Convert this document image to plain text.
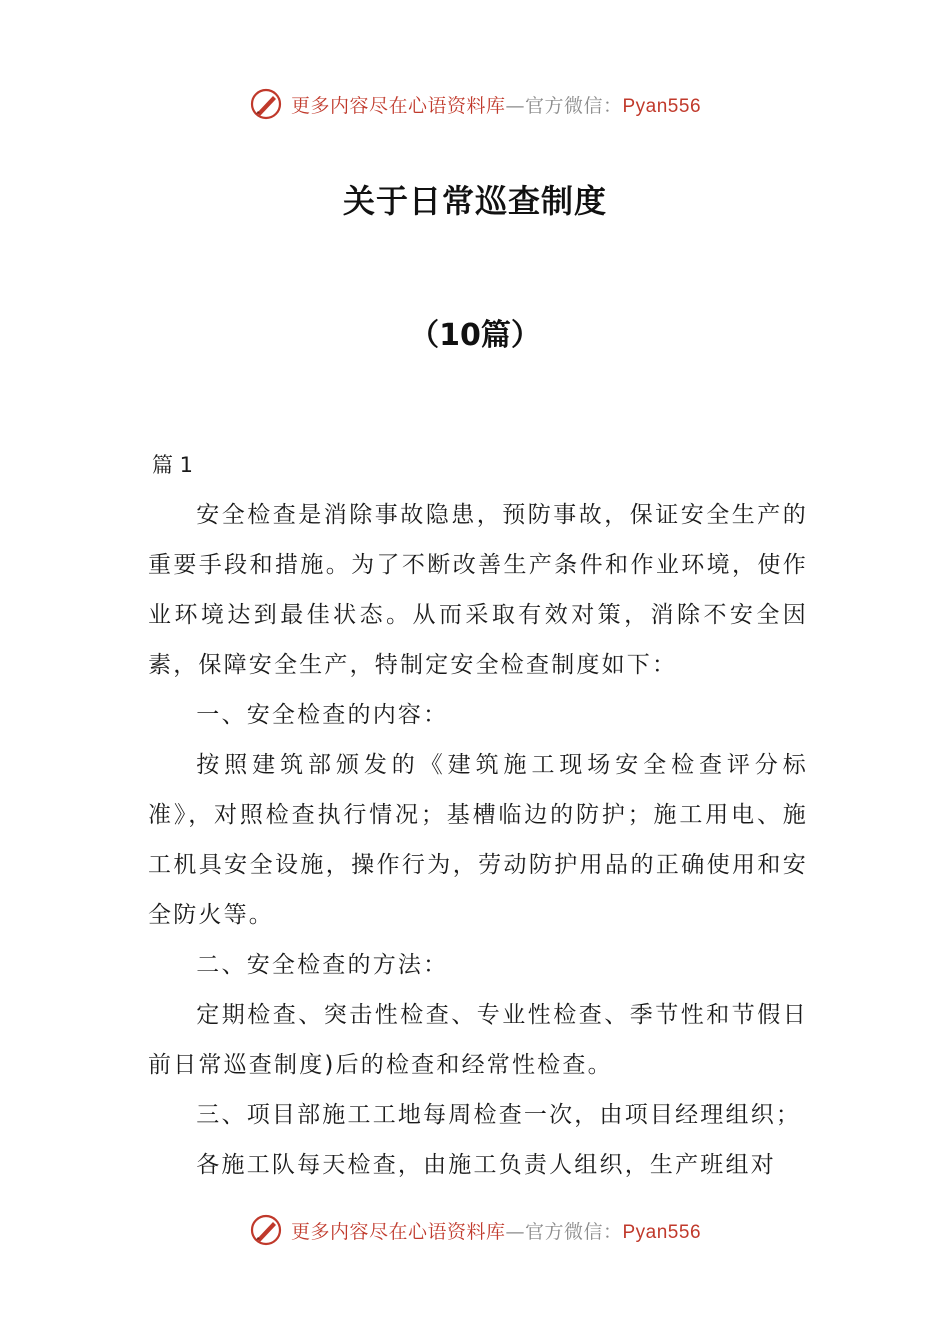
更多内容尽在心语资料库—官方微信：Pyan556
关于日常巡查制度
（10篇）

篇 1

安全检查是消除事故隐患，预防事故，保证安全生产的重要手段和措施。为了不断改善生产条件和作业环境，使作业环境达到最佳状态。从而采取有效对策，消除不安全因素，保障安全生产，特制定安全检查制度如下：

一、安全检查的内容：

按照建筑部颁发的《建筑施工现场安全检查评分标准》，对照检查执行情况；基槽临边的防护；施工用电、施工机具安全设施，操作行为，劳动防护用品的正确使用和安全防火等。

二、安全检查的方法：

定期检查、突击性检查、专业性检查、季节性和节假日前日常巡查制度)后的检查和经常性检查。

三、项目部施工工地每周检查一次，由项目经理组织；

各施工队每天检查，由施工负责人组织，生产班组对

更多内容尽在心语资料库—官方微信：Pyan556
